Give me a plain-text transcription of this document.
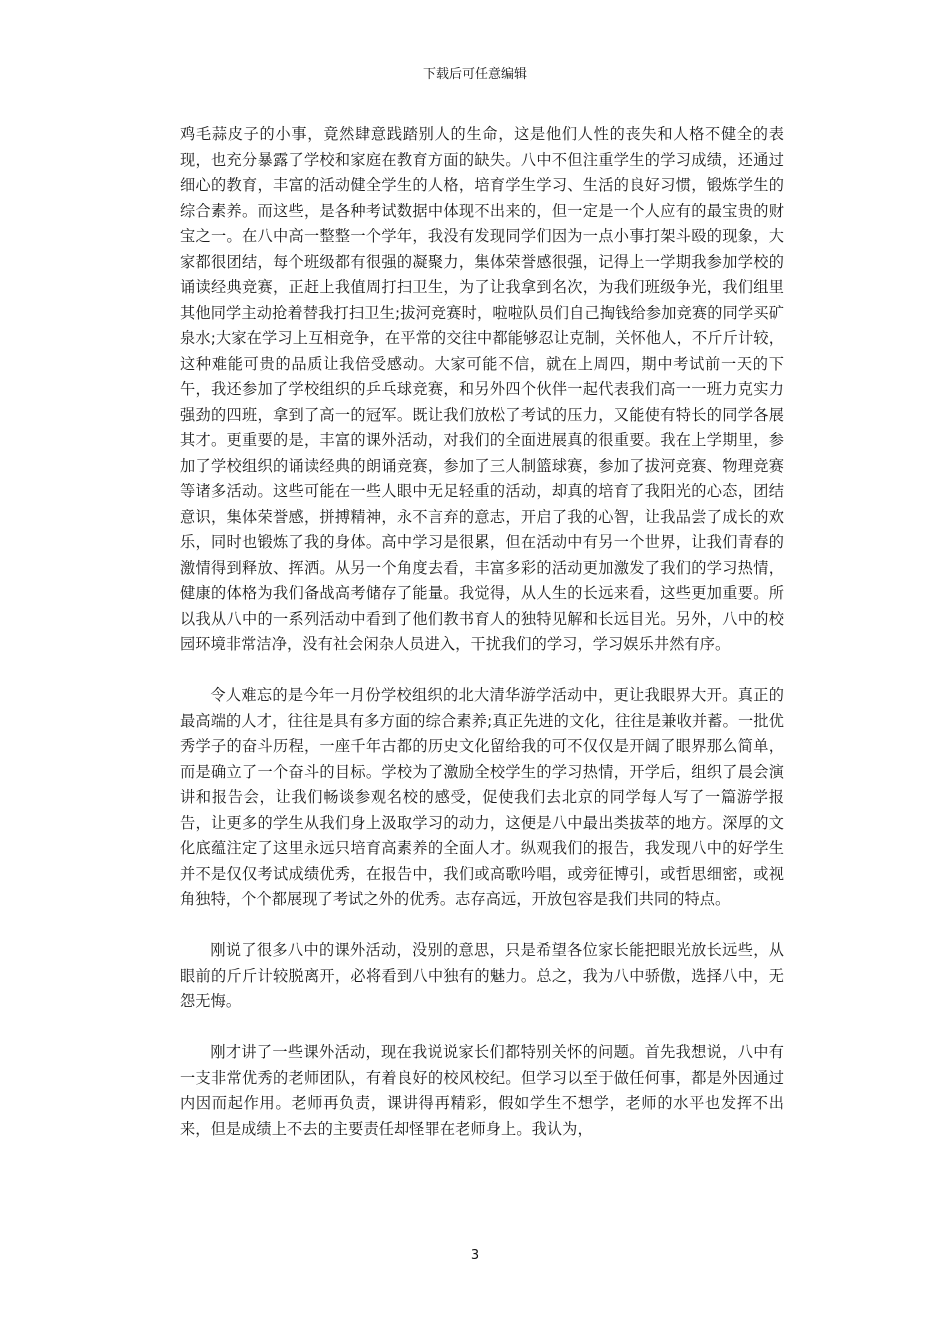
下载后可任意编辑

鸡毛蒜皮子的小事，竟然肆意践踏别人的生命，这是他们人性的丧失和人格不健全的表现，也充分暴露了学校和家庭在教育方面的缺失。八中不但注重学生的学习成绩，还通过细心的教育，丰富的活动健全学生的人格，培育学生学习、生活的良好习惯，锻炼学生的综合素养。而这些，是各种考试数据中体现不出来的，但一定是一个人应有的最宝贵的财宝之一。在八中高一整整一个学年，我没有发现同学们因为一点小事打架斗殴的现象，大家都很团结，每个班级都有很强的凝聚力，集体荣誉感很强，记得上一学期我参加学校的诵读经典竞赛，正赶上我值周打扫卫生，为了让我拿到名次，为我们班级争光，我们组里其他同学主动抢着替我打扫卫生;拔河竞赛时，啦啦队员们自己掏钱给参加竞赛的同学买矿泉水;大家在学习上互相竞争，在平常的交往中都能够忍让克制，关怀他人，不斤斤计较，这种难能可贵的品质让我倍受感动。大家可能不信，就在上周四，期中考试前一天的下午，我还参加了学校组织的乒乓球竞赛，和另外四个伙伴一起代表我们高一一班力克实力强劲的四班，拿到了高一的冠军。既让我们放松了考试的压力，又能使有特长的同学各展其才。更重要的是，丰富的课外活动，对我们的全面进展真的很重要。我在上学期里，参加了学校组织的诵读经典的朗诵竞赛，参加了三人制篮球赛，参加了拔河竞赛、物理竞赛等诸多活动。这些可能在一些人眼中无足轻重的活动，却真的培育了我阳光的心态，团结意识，集体荣誉感，拼搏精神，永不言弃的意志，开启了我的心智，让我品尝了成长的欢乐，同时也锻炼了我的身体。高中学习是很累，但在活动中有另一个世界，让我们青春的激情得到释放、挥洒。从另一个角度去看，丰富多彩的活动更加激发了我们的学习热情，健康的体格为我们备战高考储存了能量。我觉得，从人生的长远来看，这些更加重要。所以我从八中的一系列活动中看到了他们教书育人的独特见解和长远目光。另外，八中的校园环境非常洁净，没有社会闲杂人员进入，干扰我们的学习，学习娱乐井然有序。

令人难忘的是今年一月份学校组织的北大清华游学活动中，更让我眼界大开。真正的最高端的人才，往往是具有多方面的综合素养;真正先进的文化，往往是兼收并蓄。一批优秀学子的奋斗历程，一座千年古都的历史文化留给我的可不仅仅是开阔了眼界那么简单，而是确立了一个奋斗的目标。学校为了激励全校学生的学习热情，开学后，组织了晨会演讲和报告会，让我们畅谈参观名校的感受，促使我们去北京的同学每人写了一篇游学报告，让更多的学生从我们身上汲取学习的动力，这便是八中最出类拔萃的地方。深厚的文化底蕴注定了这里永远只培育高素养的全面人才。纵观我们的报告，我发现八中的好学生并不是仅仅考试成绩优秀，在报告中，我们或高歌吟唱，或旁征博引，或哲思细密，或视角独特，个个都展现了考试之外的优秀。志存高远，开放包容是我们共同的特点。

刚说了很多八中的课外活动，没别的意思，只是希望各位家长能把眼光放长远些，从眼前的斤斤计较脱离开，必将看到八中独有的魅力。总之，我为八中骄傲，选择八中，无怨无悔。

刚才讲了一些课外活动，现在我说说家长们都特别关怀的问题。首先我想说，八中有一支非常优秀的老师团队，有着良好的校风校纪。但学习以至于做任何事，都是外因通过内因而起作用。老师再负责，课讲得再精彩，假如学生不想学，老师的水平也发挥不出来，但是成绩上不去的主要责任却怪罪在老师身上。我认为，

3
